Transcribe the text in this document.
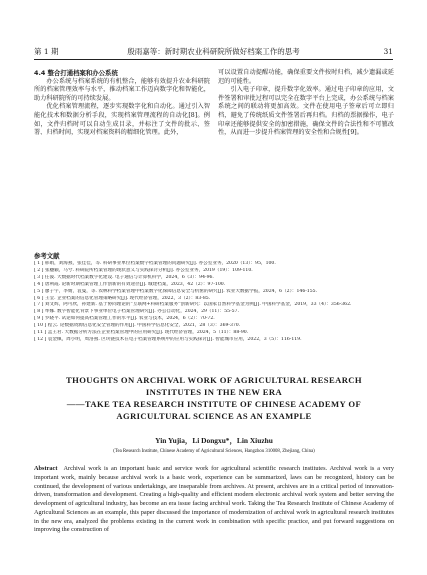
第 1 期	殷雨嘉等：新时期农业科研院所做好档案工作的思考	31

4.4 整合打通档案和办公系统

办公系统与档案系统的有机整合，能够有效提升农业科研院所的档案管理效率与水平，推动档案工作迈向数字化和智能化，助力科研院所的可持续发展。

优化档案管理流程，逐步实现数字化和自动化。通过引入智能化技术和数据分析手段，实现档案管理流程的自动化[8]。例如，文件归档时可以自动生成目录，并标注了文件的批示、签署、归档时间，实现对档案资料的精细化管理。此外，

可以设置自动提醒功能，确保重要文件按时归档，减少遗漏或延迟的可能性。

引入电子印章，提升数字化效率。通过电子印章的应用，文件签署和审批过程可以完全在数字平台上完成，办公系统与档案系统之间的联动将更加高效。文件在使用电子签章后可立即归档，避免了传统纸质文件签署后再归档。归档的票据操作，电子印章还能够提供安全的加密措施，确保文件的合法性和不可篡改性，从而进一步提升档案管理的安全性和合规性[9]。

参考文献
[ 1 ] 邢娟，刘海燕，张佳佳，等. 科研事业单位档案数字档案管理的问题研究[J]. 办公室业务，2020（13）：95，100.
[ 2 ] 张穗颖，马兮. 科研院所档案管理的现状意义与实践探讨分析[J]. 办公室业务，2019（19）：109-110.
[ 3 ] 任波. 大数据时代档案数字化建设. 电子通信与计算机科学，2024，6（3）：94-96.
[ 4 ] 唐利霞. 论新时期档案管理工作创新的有效途径[J]. 城建档案，2023，42（2）：97-100.
[ 5 ] 廖子宇，李婧，袁曼，等. 农林科学档案管理中档案数字化保障信息安全与机密的研究[J]. 农业大数据学报，2024，6（2）：146-155.
[ 6 ] 王莹. 企业档案的信息化管理策略研究[J]. 现代经济管理，2022，3（2）：83-85.
[ 7 ] 刘文辉，阿可欣，孙建新. 基于协同理论的“互联网+科研档案服务”创新研究：以国家自然科学基金为例[J]. 中国科学基金，2019，33（4）：356-362.
[ 8 ] 牟娜. 数字智能化背景下事业单位电子档案管理研究[J]. 办公自动化，2024，29（11）：55-57.
[ 9 ] 罗晓平. 试论如何提高档案管理工作的水平[J]. 农业与技术，2024，6（2）：70-72.
[ 10 ] 程云. 论数据资源信息化安全管理的作用[J]. 中国科学信息化安全，2021，28（3）：369-370.
[ 11 ] 孟王君. 大数据分析方法在企业档案管理中的应用研究[J]. 现代经济管理，2024，5（11）：88-90.
[ 12 ] 袁金佩，周小明，周洛燕. 区块链技术在电子档案管理系统中的应用与实践探讨[J]. 智能城市应用，2022，3（5）：116-119.
THOUGHTS ON ARCHIVAL WORK OF AGRICULTURAL RESEARCH
INSTITUTES IN THE NEW ERA
——TAKE TEA RESEARCH INSTITUTE OF CHINESE ACADEMY OF
AGRICULTURAL SCIENCE AS AN EXAMPLE
Yin Yujia，Li Dongxu*，Lin Xiuzhu
(Tea Research Institute, Chinese Academy of Agricultural Sciences, Hangzhou 310008, Zhejiang, China)
Abstract Archival work is an important basic and service work for agricultural scientific research institutes. Archival work is a very important work, mainly because archival work is a basic work, experience can be summarized, laws can be recognized, history can be continued, the development of various undertakings, are inseparable from archives. At present, archives are in a critical period of innovation-driven, transformation and development. Creating a high-quality and efficient modern electronic archival work system and better serving the development of agricultural industry, has become an era issue facing archival work. Taking the Tea Research Institute of Chinese Academy of Agricultural Sciences as an example, this paper discussed the importance of modernization of archival work in agricultural research institutes in the new era, analyzed the problems existing in the current work in combination with specific practice, and put forward suggestions on improving the construction of
